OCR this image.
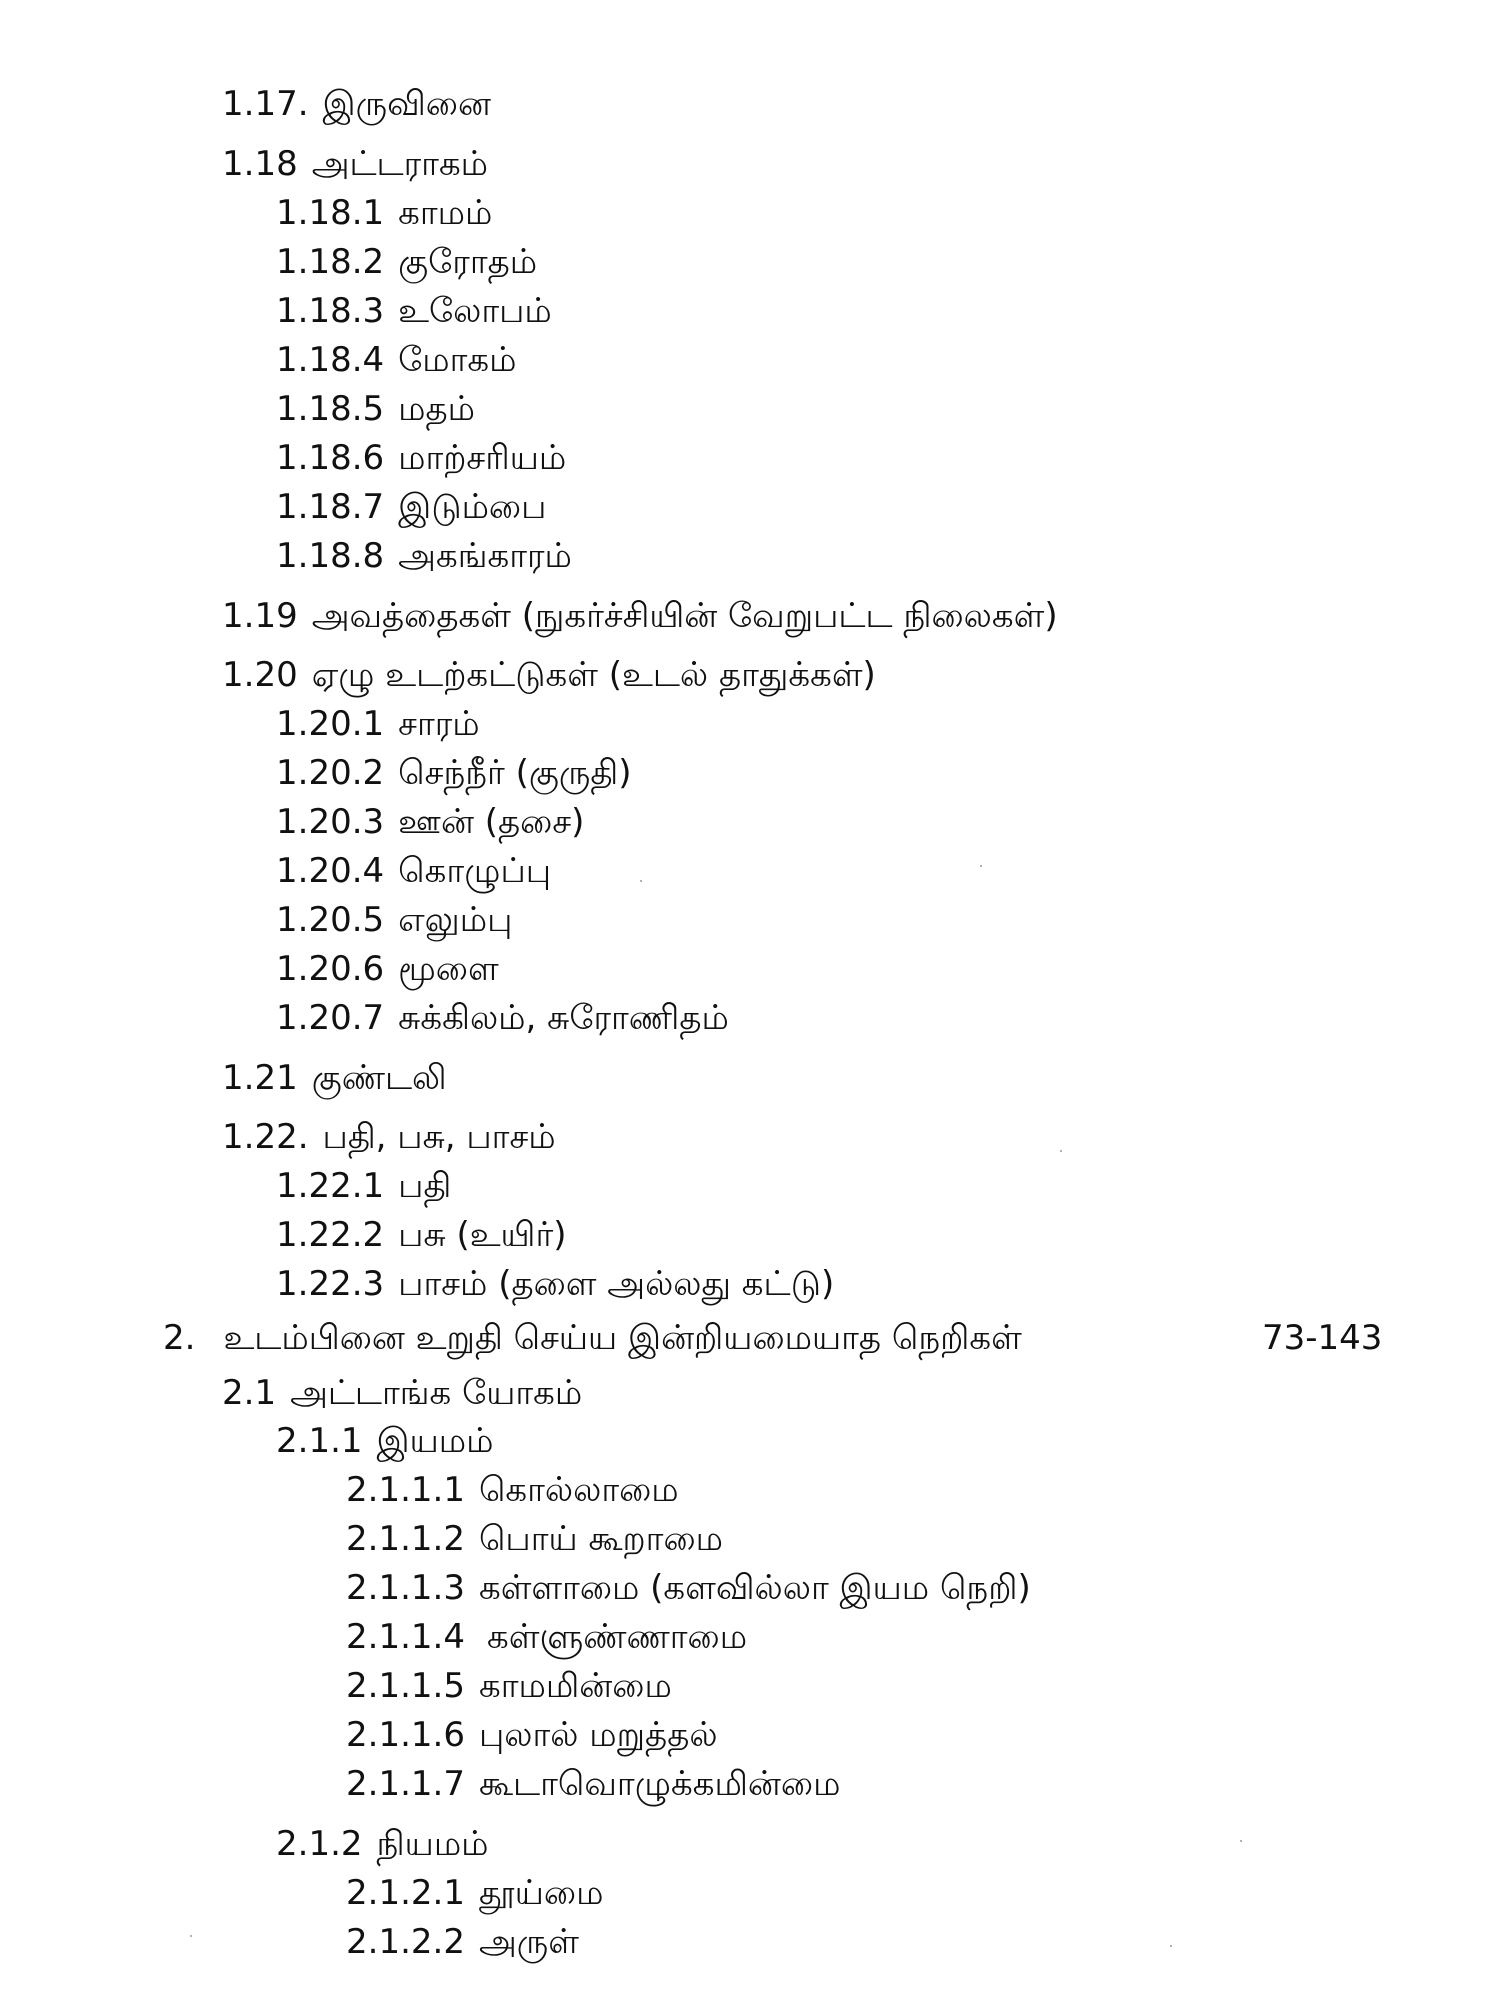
1.17. இருவினை
1.18 அட்டராகம்
1.18.1 காமம்
1.18.2 குரோதம்
1.18.3 உலோபம்
1.18.4 மோகம்
1.18.5 மதம்
1.18.6 மாற்சரியம்
1.18.7 இடும்பை
1.18.8 அகங்காரம்
1.19 அவத்தைகள் (நுகர்ச்சியின் வேறுபட்ட நிலைகள்)
1.20 ஏழு உடற்கட்டுகள் (உடல் தாதுக்கள்)
1.20.1 சாரம்
1.20.2 செந்நீர் (குருதி)
1.20.3 ஊன் (தசை)
1.20.4 கொழுப்பு
1.20.5 எலும்பு
1.20.6 மூளை
1.20.7 சுக்கிலம், சுரோணிதம்
1.21 குண்டலி
1.22. பதி, பசு, பாசம்
1.22.1 பதி
1.22.2 பசு (உயிர்)
1.22.3 பாசம் (தளை அல்லது கட்டு)
2. உடம்பினை உறுதி செய்ய இன்றியமையாத நெறிகள்	73-143
2.1 அட்டாங்க யோகம்
2.1.1 இயமம்
2.1.1.1 கொல்லாமை
2.1.1.2 பொய் கூறாமை
2.1.1.3 கள்ளாமை (களவில்லா இயம நெறி)
2.1.1.4 கள்ளுண்ணாமை
2.1.1.5 காமமின்மை
2.1.1.6 புலால் மறுத்தல்
2.1.1.7 கூடாவொழுக்கமின்மை
2.1.2 நியமம்
2.1.2.1 தூய்மை
2.1.2.2 அருள்
